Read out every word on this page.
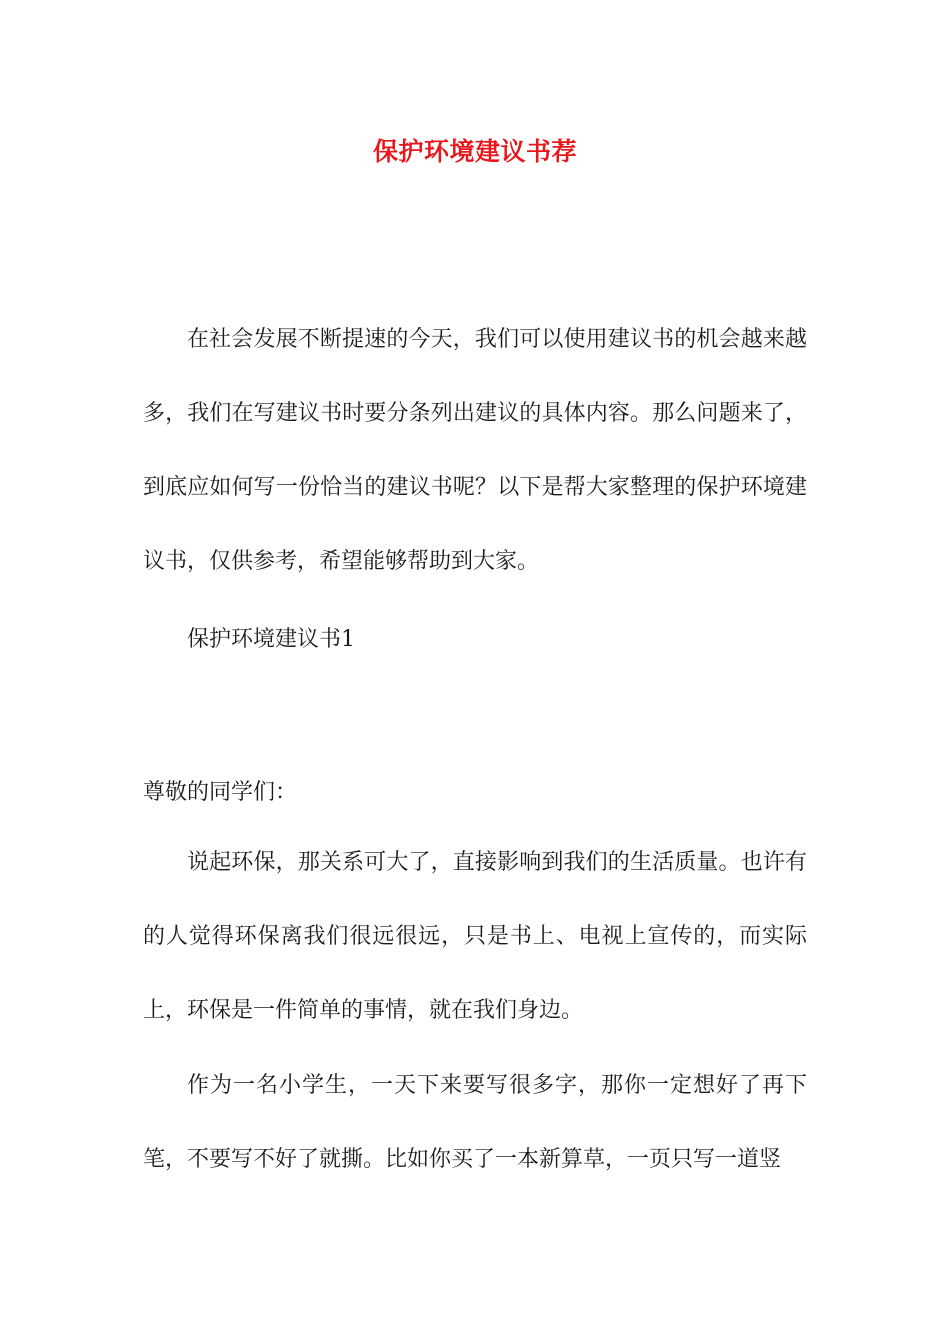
保护环境建议书荐

在社会发展不断提速的今天，我们可以使用建议书的机会越来越多，我们在写建议书时要分条列出建议的具体内容。那么问题来了，到底应如何写一份恰当的建议书呢？以下是帮大家整理的保护环境建议书，仅供参考，希望能够帮助到大家。

保护环境建议书1
尊敬的同学们：

说起环保，那关系可大了，直接影响到我们的生活质量。也许有的人觉得环保离我们很远很远，只是书上、电视上宣传的，而实际上，环保是一件简单的事情，就在我们身边。

作为一名小学生，一天下来要写很多字，那你一定想好了再下笔，不要写不好了就撕。比如你买了一本新算草，一页只写一道竖
